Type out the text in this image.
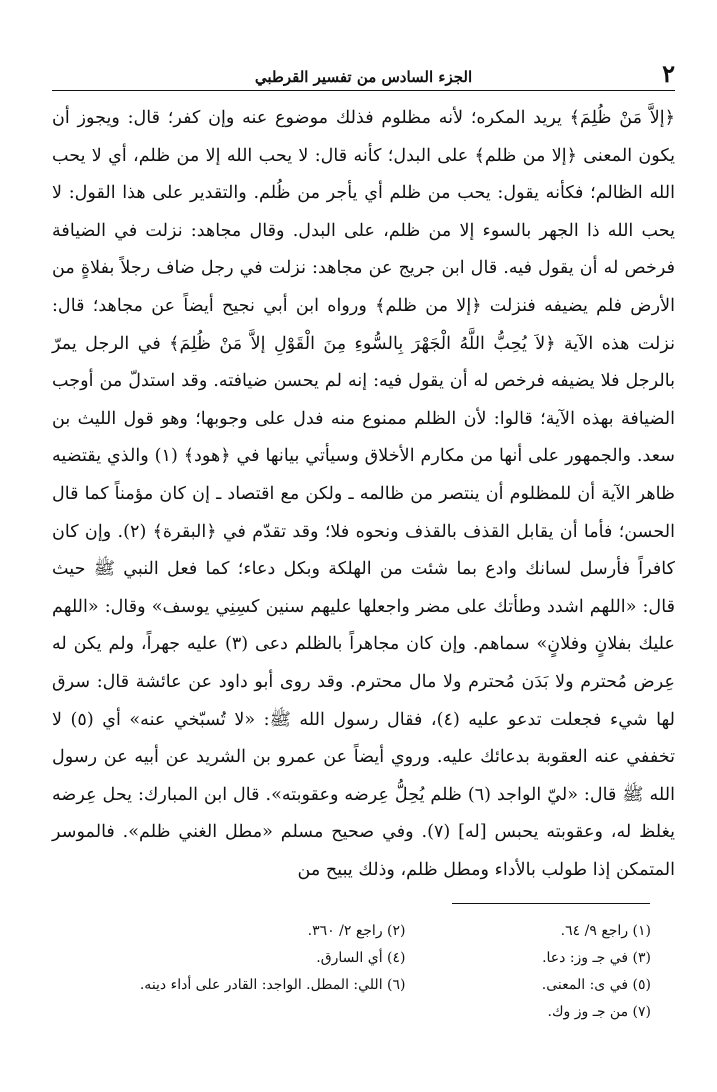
٢
الجزء السادس من تفسير القرطبي

﴿إلاَّ مَنْ ظُلِمَ﴾ يريد المكره؛ لأنه مظلوم فذلك موضوع عنه وإن كفر؛ قال: ويجوز أن يكون المعنى ﴿إلا من ظلم﴾ على البدل؛ كأنه قال: لا يحب الله إلا من ظلم، أي لا يحب الله الظالم؛ فكأنه يقول: يحب من ظلم أي يأجر من ظُلم. والتقدير على هذا القول: لا يحب الله ذا الجهر بالسوء إلا من ظلم، على البدل. وقال مجاهد: نزلت في الضيافة فرخص له أن يقول فيه. قال ابن جريج عن مجاهد: نزلت في رجل ضاف رجلاً بفلاةٍ من الأرض فلم يضيفه فنزلت ﴿إلا من ظلم﴾ ورواه ابن أبي نجيح أيضاً عن مجاهد؛ قال: نزلت هذه الآية ﴿لاَ يُحِبُّ اللَّهُ الْجَهْرَ بِالسُّوءِ مِنَ الْقَوْلِ إلاَّ مَنْ ظُلِمَ﴾ في الرجل يمرّ بالرجل فلا يضيفه فرخص له أن يقول فيه: إنه لم يحسن ضيافته. وقد استدلّ من أوجب الضيافة بهذه الآية؛ قالوا: لأن الظلم ممنوع منه فدل على وجوبها؛ وهو قول الليث بن سعد. والجمهور على أنها من مكارم الأخلاق وسيأتي بيانها في ﴿هود﴾ (١) والذي يقتضيه ظاهر الآية أن للمظلوم أن ينتصر من ظالمه ـ ولكن مع اقتصاد ـ إن كان مؤمناً كما قال الحسن؛ فأما أن يقابل القذف بالقذف ونحوه فلا؛ وقد تقدّم في ﴿البقرة﴾ (٢). وإن كان كافراً فأرسل لسانك وادع بما شئت من الهلكة وبكل دعاء؛ كما فعل النبي ﷺ حيث قال: «اللهم اشدد وطأتك على مضر واجعلها عليهم سنين كسِنِي يوسف» وقال: «اللهم عليك بفلانٍ وفلانٍ» سماهم. وإن كان مجاهراً بالظلم دعى (٣) عليه جهراً، ولم يكن له عِرض مُحترم ولا بَدَن مُحترم ولا مال محترم. وقد روى أبو داود عن عائشة قال: سرق لها شيء فجعلت تدعو عليه (٤)، فقال رسول الله ﷺ: «لا تُسبّخي عنه» أي (٥) لا تخففي عنه العقوبة بدعائك عليه. وروي أيضاً عن عمرو بن الشريد عن أبيه عن رسول الله ﷺ قال: «ليّ الواجد (٦) ظلم يُحِلُّ عِرضه وعقوبته». قال ابن المبارك: يحل عِرضه يغلظ له، وعقوبته يحبس [له] (٧). وفي صحيح مسلم «مطل الغني ظلم». فالموسر المتمكن إذا طولب بالأداء ومطل ظلم، وذلك يبيح من

(١) راجع ٩/ ٦٤.
(٢) راجع ٢/ ٣٦٠.
(٣) في جـ وز: دعا.
(٤) أي السارق.
(٥) في ى: المعنى.
(٦) اللي: المطل. الواجد: القادر على أداء دينه.
(٧) من جـ وز وك.
